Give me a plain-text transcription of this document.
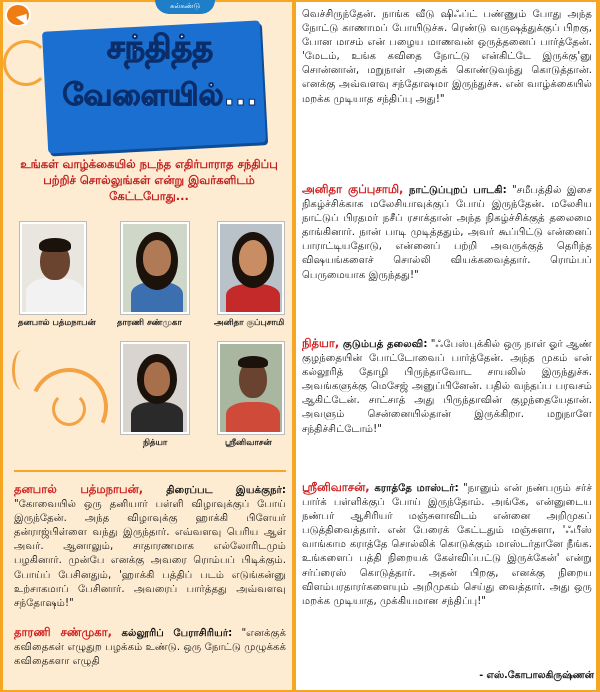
கல்கண்டு
சந்தித்த
வேளையில்...
உங்கள் வாழ்க்கையில் நடந்த எதிர்பாராத சந்திப்பு பற்றிச் சொல்லுங்கள் என்று இவர்களிடம் கேட்டபோது...
தனபால் பத்மநாபன்	தாரணி சண்முகா	அனிதா குப்புசாமி
நித்யா	ஸ்ரீனிவாசன்
தனபால் பத்மநாபன், திரைப்பட இயக்குநர்: "கோவையில் ஒரு தனியார் பள்ளி விழாவுக்குப் போய் இருந்தேன். அந்த விழாவுக்கு ஹாக்கி பிளேயர் தன்ராஜ்பிள்ளை வந்து இருந்தார். எவ்வளவு பெரிய ஆள் அவர். ஆனாலும், சாதாரணமாக எல்லோரிடமும் பழகினார். முன்பே எனக்கு அவரை ரொம்பப் பிடிக்கும். போய்ப் பேசினதும், 'ஹாக்கி பத்திப் படம் எடுங்கன்னு உற்சாகமாப் பேசினார். அவரைப் பார்த்தது அவ்வளவு சந்தோஷம்!"
தாரணி சண்முகா, கல்லூரிப் பேராசிரியர்: "எனக்குக் கவிதைகள் எழுதுற பழக்கம் உண்டு. ஒரு நோட்டு முழுக்கக் கவிதைகளா எழுதி
வெச்சிருந்தேன். நாங்க வீடு ஷிஃப்ட் பண்ணும் போது அந்த நோட்டு காணாமப் போயிடுச்சு. ரெண்டு வருஷத்துக்குப் பிறகு, போன மாசம் என் பழைய மாணவன் ஒருத்தனைப் பார்த்தேன். 'மேடம், உங்க கவிதை நோட்டு என்கிட்டே இருக்கு'னு சொன்னான், மறுநாள் அதைக் கொண்டுவந்து கொடுத்தான். எனக்கு அவ்வளவு சந்தோஷமா இருந்துச்சு. என் வாழ்க்கையில் மறக்க முடியாத சந்திப்பு அது!"
அனிதா குப்புசாமி, நாட்டுப்புறப் பாடகி: "சமீபத்தில் இசை நிகழ்ச்சிக்காக மலேசியாவுக்குப் போய் இருந்தேன். மலேசிய நாட்டுப் பிரதமர் நசீப் ரசாக்தான் அந்த நிகழ்ச்சிக்குத் தலைமை தாங்கினார். நான் பாடி முடித்ததும், அவர் கூப்பிட்டு என்னைப் பாராட்டியதோடு, என்னைப் பற்றி அவருக்குத் தெரிந்த விஷயங்களைச் சொல்லி வியக்கவைத்தார். ரொம்பப் பெருமையாக இருந்தது!"
நித்யா, குடும்பத் தலைவி: "ஃபேஸ்புக்கில் ஒரு நாள் ஓர் ஆண் குழந்தையின் போட்டோவைப் பார்த்தேன். அந்த முகம் என் கல்லூரித் தோழி பிருந்தாவோட சாயலில் இருந்துச்சு. அவங்களுக்கு மெசேஜ் அனுப்பினேன். பதில் வந்தப்ப பரவசம் ஆகிட்டேன். சாட்சாத் அது பிருந்தாவின் குழந்தையேதான். அவளும் சென்னையில்தான் இருக்கிறா. மறுநாளே சந்திச்சிட்டோம்!"
ஸ்ரீனிவாசன், கராத்தே மாஸ்டர்: "நானும் என் நண்பரும் சர்ச் பார்க் பள்ளிக்குப் போய் இருந்தோம். அங்கே, என்னுடைய நண்பர் ஆசிரியர் மஞ்சுளாவிடம் என்னை அறிமுகப் படுத்திவைத்தார். என் பேரைக் கேட்டதும் மஞ்சுளா, 'ஃபீஸ் வாங்காம கராத்தே சொல்லிக் கொடுக்கும் மாஸ்டர்தானே நீங்க. உங்களைப் பத்தி நிறையக் கேள்விப்பட்டு இருக்கேன்' என்று சர்ப்ரைஸ் கொடுத்தார். அதன் பிறகு, எனக்கு நிறைய விளம்பரதாரர்களையும் அறிமுகம் செய்து வைத்தார். அது ஒரு மறக்க முடியாத, முக்கியமான சந்திப்பு!"
- எஸ்.கோபாலகிருஷ்ணன்
